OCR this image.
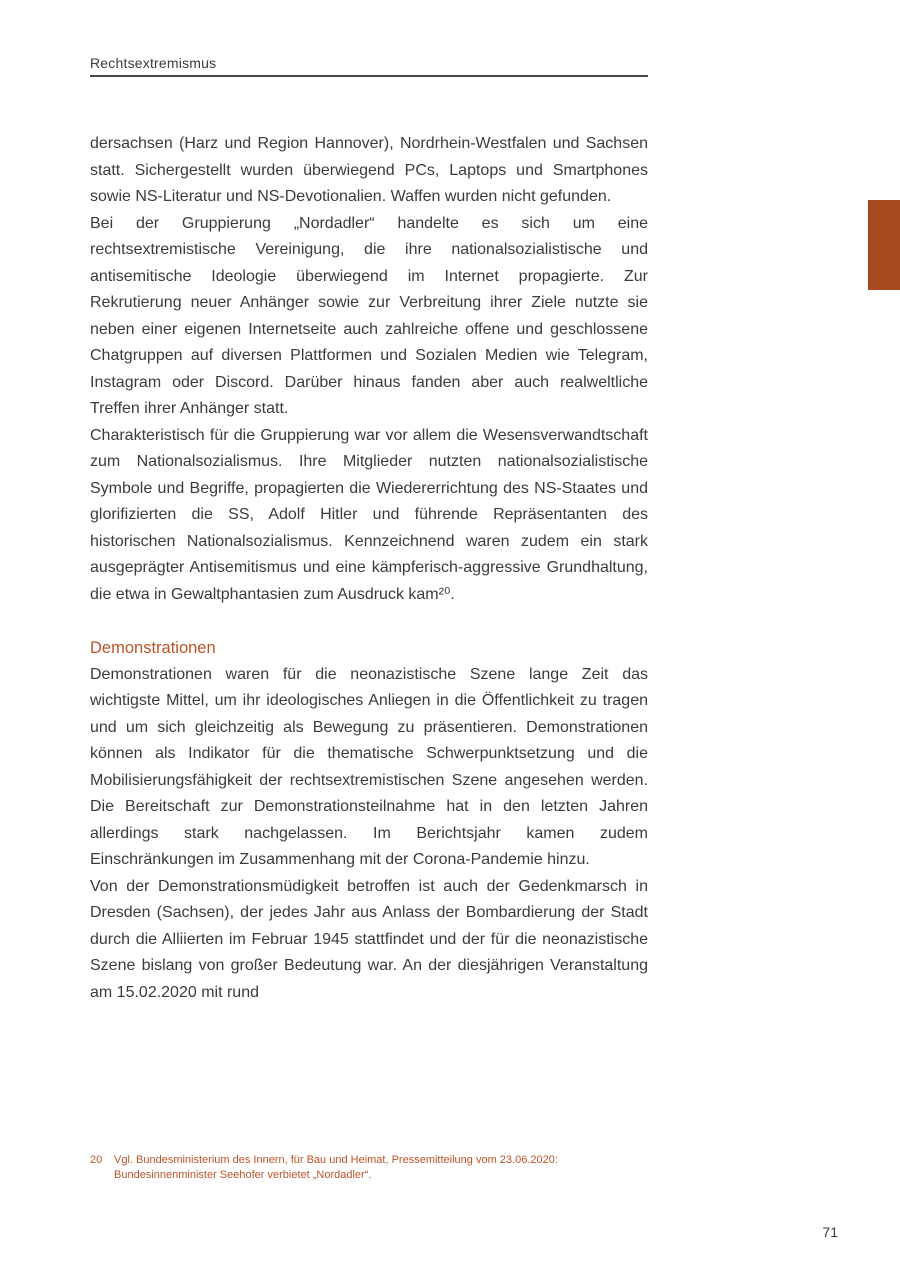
Rechtsextremismus

dersachsen (Harz und Region Hannover), Nordrhein-Westfalen und Sachsen statt. Sichergestellt wurden überwiegend PCs, Laptops und Smartphones sowie NS-Literatur und NS-Devotionalien. Waffen wurden nicht gefunden.

Bei der Gruppierung „Nordadler“ handelte es sich um eine rechtsextremistische Vereinigung, die ihre nationalsozialistische und antisemitische Ideologie überwiegend im Internet propagierte. Zur Rekrutierung neuer Anhänger sowie zur Verbreitung ihrer Ziele nutzte sie neben einer eigenen Internetseite auch zahlreiche offene und geschlossene Chatgruppen auf diversen Plattformen und Sozialen Medien wie Telegram, Instagram oder Discord. Darüber hinaus fanden aber auch realweltliche Treffen ihrer Anhänger statt.

Charakteristisch für die Gruppierung war vor allem die Wesensverwandtschaft zum Nationalsozialismus. Ihre Mitglieder nutzten nationalsozialistische Symbole und Begriffe, propagierten die Wiedererrichtung des NS-Staates und glorifizierten die SS, Adolf Hitler und führende Repräsentanten des historischen Nationalsozialismus. Kennzeichnend waren zudem ein stark ausgeprägter Antisemitismus und eine kämpferisch-aggressive Grundhaltung, die etwa in Gewaltphantasien zum Ausdruck kam²⁰.

Demonstrationen

Demonstrationen waren für die neonazistische Szene lange Zeit das wichtigste Mittel, um ihr ideologisches Anliegen in die Öffentlichkeit zu tragen und um sich gleichzeitig als Bewegung zu präsentieren. Demonstrationen können als Indikator für die thematische Schwerpunktsetzung und die Mobilisierungsfähigkeit der rechtsextremistischen Szene angesehen werden. Die Bereitschaft zur Demonstrationsteilnahme hat in den letzten Jahren allerdings stark nachgelassen. Im Berichtsjahr kamen zudem Einschränkungen im Zusammenhang mit der Corona-Pandemie hinzu.

Von der Demonstrationsmüdigkeit betroffen ist auch der Gedenkmarsch in Dresden (Sachsen), der jedes Jahr aus Anlass der Bombardierung der Stadt durch die Alliierten im Februar 1945 stattfindet und der für die neonazistische Szene bislang von großer Bedeutung war. An der diesjährigen Veranstaltung am 15.02.2020 mit rund

20	Vgl. Bundesministerium des Innern, für Bau und Heimat, Pressemitteilung vom 23.06.2020: Bundesinnenminister Seehofer verbietet „Nordadler“.
71
